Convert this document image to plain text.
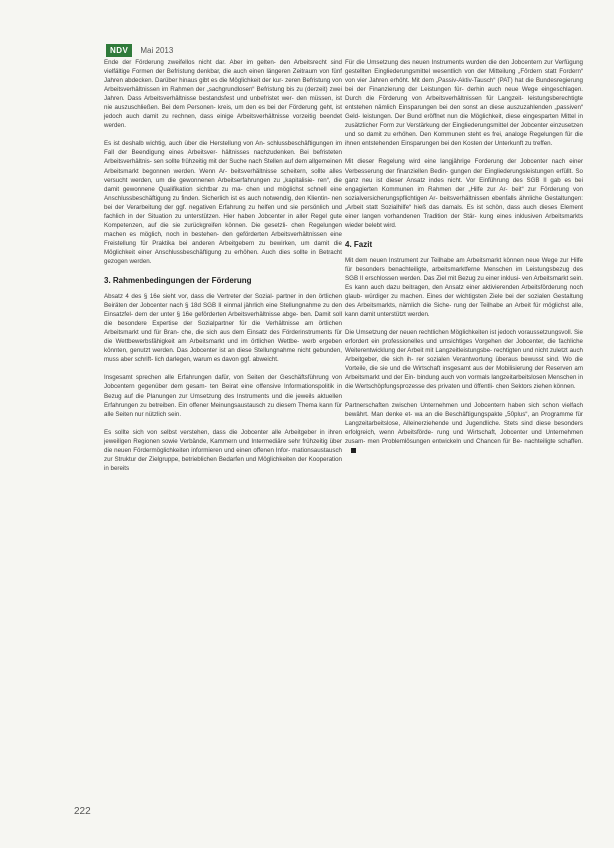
NDV	Mai 2013

Ende der Förderung zweifellos nicht dar. Aber im gelten- den Arbeitsrecht sind vielfältige Formen der Befristung denkbar, die auch einen längeren Zeitraum von fünf Jahren abdecken. Darüber hinaus gibt es die Möglichkeit der kur- zeren Befristung von Arbeitsverhältnissen im Rahmen der „sachgrundlosen“ Befristung bis zu (derzeit) zwei Jahren. Dass Arbeitsverhältnisse bestandsfest und unbefristet wer- den müssen, ist nie auszuschließen. Bei dem Personen- kreis, um den es bei der Förderung geht, ist jedoch auch damit zu rechnen, dass einige Arbeitsverhältnisse vorzeitig beendet werden.

Es ist deshalb wichtig, auch über die Herstellung von An- schlussbeschäftigungen im Fall der Beendigung eines Arbeitsver- hältnisses nachzudenken. Bei befristeten Arbeitsverhältnis- sen sollte frühzeitig mit der Suche nach Stellen auf dem allgemeinen Arbeitsmarkt begonnen werden. Wenn Ar- beitsverhältnisse scheitern, sollte alles versucht werden, um die gewonnenen Arbeitserfahrungen zu „kapitalisie- ren“, die damit gewonnene Qualifikation sichtbar zu ma- chen und möglichst schnell eine Anschlussbeschäftigung zu finden. Sicherlich ist es auch notwendig, den Klientin- nen bei der Verarbeitung der ggf. negativen Erfahrung zu helfen und sie persönlich und fachlich in der Situation zu unterstützen. Hier haben Jobcenter in aller Regel gute Kompetenzen, auf die sie zurückgreifen können. Die gesetzli- chen Regelungen machen es möglich, noch in bestehen- den geförderten Arbeitsverhältnissen eine Freistellung für Praktika bei anderen Arbeitgebern zu bewirken, um damit die Möglichkeit einer Anschlussbeschäftigung zu erhöhen. Auch dies sollte in Betracht gezogen werden.

3. Rahmenbedingungen der Förderung

Absatz 4 des § 16e sieht vor, dass die Vertreter der Sozial- partner in den örtlichen Beiräten der Jobcenter nach § 18d SGB II einmal jährlich eine Stellungnahme zu den Einsatzfel- dern der unter § 16e geförderten Arbeitsverhältnisse abge- ben. Damit soll die besondere Expertise der Sozialpartner für die Verhältnisse am örtlichen Arbeitsmarkt und für Bran- che, die sich aus dem Einsatz des Förderinstruments für die Wettbewerbsfähigkeit am Arbeitsmarkt und im örtlichen Wettbe- werb ergeben könnten, genutzt werden. Das Jobcenter ist an diese Stellungnahme nicht gebunden, muss aber schrift- lich darlegen, warum es davon ggf. abweicht.

Insgesamt sprechen alle Erfahrungen dafür, von Seiten der Geschäftsführung von Jobcentern gegenüber dem gesam- ten Beirat eine offensive Informationspolitik in Bezug auf die Planungen zur Umsetzung des Instruments und die jeweils aktuellen Erfahrungen zu betreiben. Ein offener Meinungsaustausch zu diesem Thema kann für alle Seiten nur nützlich sein.

Es sollte sich von selbst verstehen, dass die Jobcenter alle Arbeitgeber in ihren jeweiligen Regionen sowie Verbände, Kammern und Intermediäre sehr frühzeitig über die neuen Fördermöglichkeiten informieren und einen offenen Infor- mationsaustausch zur Struktur der Zielgruppe, betrieblichen Bedarfen und Möglichkeiten der Kooperation in bereits

Für die Umsetzung des neuen Instruments wurden die den Jobcentern zur Verfügung gestellten Eingliederungsmittel wesentlich von der Mitteilung „Fördern statt Fordern“ von vier Jahren erhöht. Mit dem „Passiv-Aktiv-Tausch“ (PAT) hat die Bundesregierung bei der Finanzierung der Leistungen für- derhin auch neue Wege eingeschlagen. Durch die Förderung von Arbeitsverhältnissen für Langzeit- leistungsberechtigte entstehen nämlich Einsparungen bei den sonst an diese auszuzahlenden „passiven“ Geld- leistungen. Der Bund eröffnet nun die Möglichkeit, diese eingesparten Mittel in zusätzlicher Form zur Verstärkung der Eingliederungsmittel der Jobcenter einzusetzen und so damit zu erhöhen. Den Kommunen steht es frei, analoge Regelungen für die ihnen entstehenden Einsparungen bei den Kosten der Unterkunft zu treffen.

Mit dieser Regelung wird eine langjährige Forderung der Jobcenter nach einer Verbesserung der finanziellen Bedin- gungen der Eingliederungsleistungen erfüllt. So ganz neu ist dieser Ansatz indes nicht. Vor Einführung des SGB II gab es bei engagierten Kommunen im Rahmen der „Hilfe zur Ar- beit“ zur Förderung von sozialversicherungspflichtigen Ar- beitsverhältnissen ebenfalls ähnliche Gestaltungen: „Arbeit statt Sozialhilfe“ hieß das damals. Es ist schön, dass auch dieses Element einer langen vorhandenen Tradition der Stär- kung eines inklusiven Arbeitsmarkts wieder belebt wird.

4. Fazit

Mit dem neuen Instrument zur Teilhabe am Arbeitsmarkt können neue Wege zur Hilfe für besonders benachteiligte, arbeitsmarktferne Menschen im Leistungsbezug des SGB II erschlossen werden. Das Ziel mit Bezug zu einer inklusi- ven Arbeitsmarkt sein. Es kann auch dazu beitragen, den Ansatz einer aktivierenden Arbeitsförderung noch glaub- würdiger zu machen. Eines der wichtigsten Ziele bei der sozialen Gestaltung des Arbeitsmarkts, nämlich die Siche- rung der Teilhabe an Arbeit für möglichst alle, kann damit unterstützt werden.

Die Umsetzung der neuen rechtlichen Möglichkeiten ist jedoch voraussetzungsvoll. Sie erfordert ein professionelles und umsichtiges Vorgehen der Jobcenter, die fachliche Weiterentwicklung der Arbeit mit Langzeitleistungsbe- rechtigten und nicht zuletzt auch Arbeitgeber, die sich ih- rer sozialen Verantwortung überaus bewusst sind. Wo die Vorteile, die sie und die Wirtschaft insgesamt aus der Mobilisierung der Reserven am Arbeitsmarkt und der Ein- bindung auch von vormals langzeitarbeitslosen Menschen in die Wertschöpfungsprozesse des privaten und öffentli- chen Sektors ziehen können.

Partnerschaften zwischen Unternehmen und Jobcentern haben sich schon vielfach bewährt. Man denke et- wa an die Beschäftigungspakte „50plus“, an Programme für Langzeitarbeitslose, Alleinerziehende und Jugendliche. Stets sind diese besonders erfolgreich, wenn Arbeitsförde- rung und Wirtschaft, Jobcenter und Unternehmen zusam- men Problemlösungen entwickeln und Chancen für Be- nachteiligte schaffen.

222
